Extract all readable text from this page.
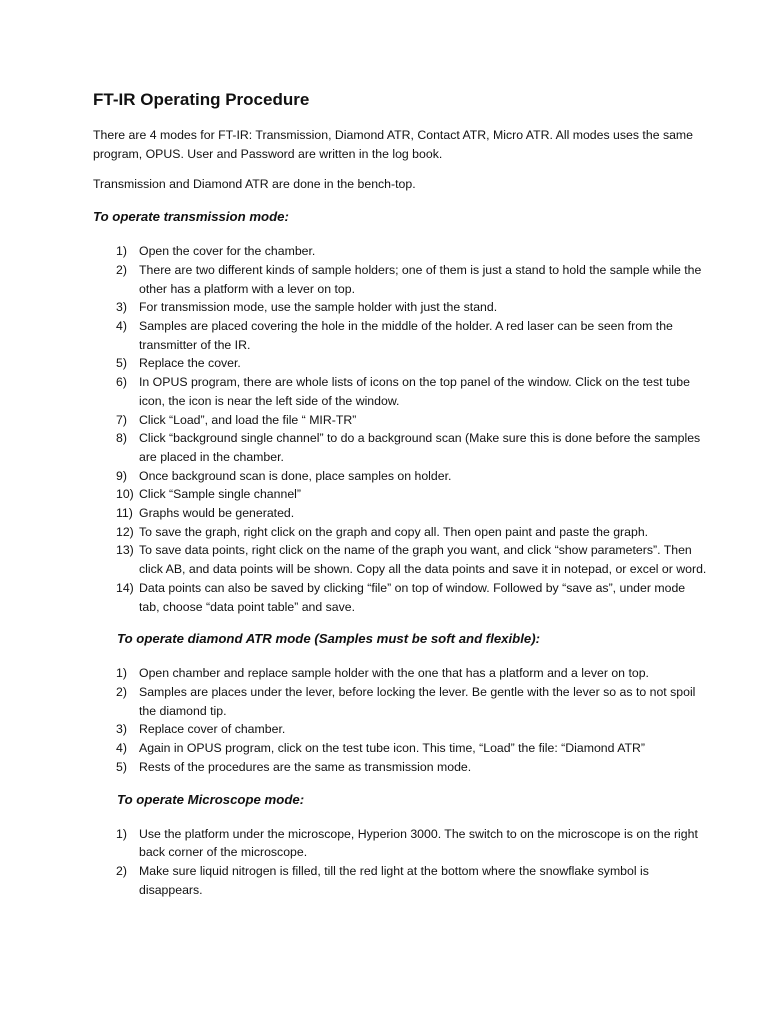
FT-IR Operating Procedure

There are 4 modes for FT-IR: Transmission, Diamond ATR, Contact ATR, Micro ATR. All modes uses the same program, OPUS. User and Password are written in the log book.

Transmission and Diamond ATR are done in the bench-top.

To operate transmission mode:
1) Open the cover for the chamber.
2) There are two different kinds of sample holders; one of them is just a stand to hold the sample while the other has a platform with a lever on top.
3) For transmission mode, use the sample holder with just the stand.
4) Samples are placed covering the hole in the middle of the holder. A red laser can be seen from the transmitter of the IR.
5) Replace the cover.
6) In OPUS program, there are whole lists of icons on the top panel of the window. Click on the test tube icon, the icon is near the left side of the window.
7) Click “Load”, and load the file “ MIR-TR”
8) Click “background single channel” to do a background scan (Make sure this is done before the samples are placed in the chamber.
9) Once background scan is done, place samples on holder.
10) Click “Sample single channel”
11) Graphs would be generated.
12) To save the graph, right click on the graph and copy all. Then open paint and paste the graph.
13) To save data points, right click on the name of the graph you want, and click “show parameters”. Then click AB, and data points will be shown. Copy all the data points and save it in notepad, or excel or word.
14) Data points can also be saved by clicking “file” on top of window. Followed by “save as”, under mode tab, choose “data point table” and save.
To operate diamond ATR mode (Samples must be soft and flexible):
1) Open chamber and replace sample holder with the one that has a platform and a lever on top.
2) Samples are places under the lever, before locking the lever. Be gentle with the lever so as to not spoil the diamond tip.
3) Replace cover of chamber.
4) Again in OPUS program, click on the test tube icon. This time, “Load” the file: “Diamond ATR”
5) Rests of the procedures are the same as transmission mode.
To operate Microscope mode:
1) Use the platform under the microscope, Hyperion 3000. The switch to on the microscope is on the right back corner of the microscope.
2) Make sure liquid nitrogen is filled, till the red light at the bottom where the snowflake symbol is disappears.
